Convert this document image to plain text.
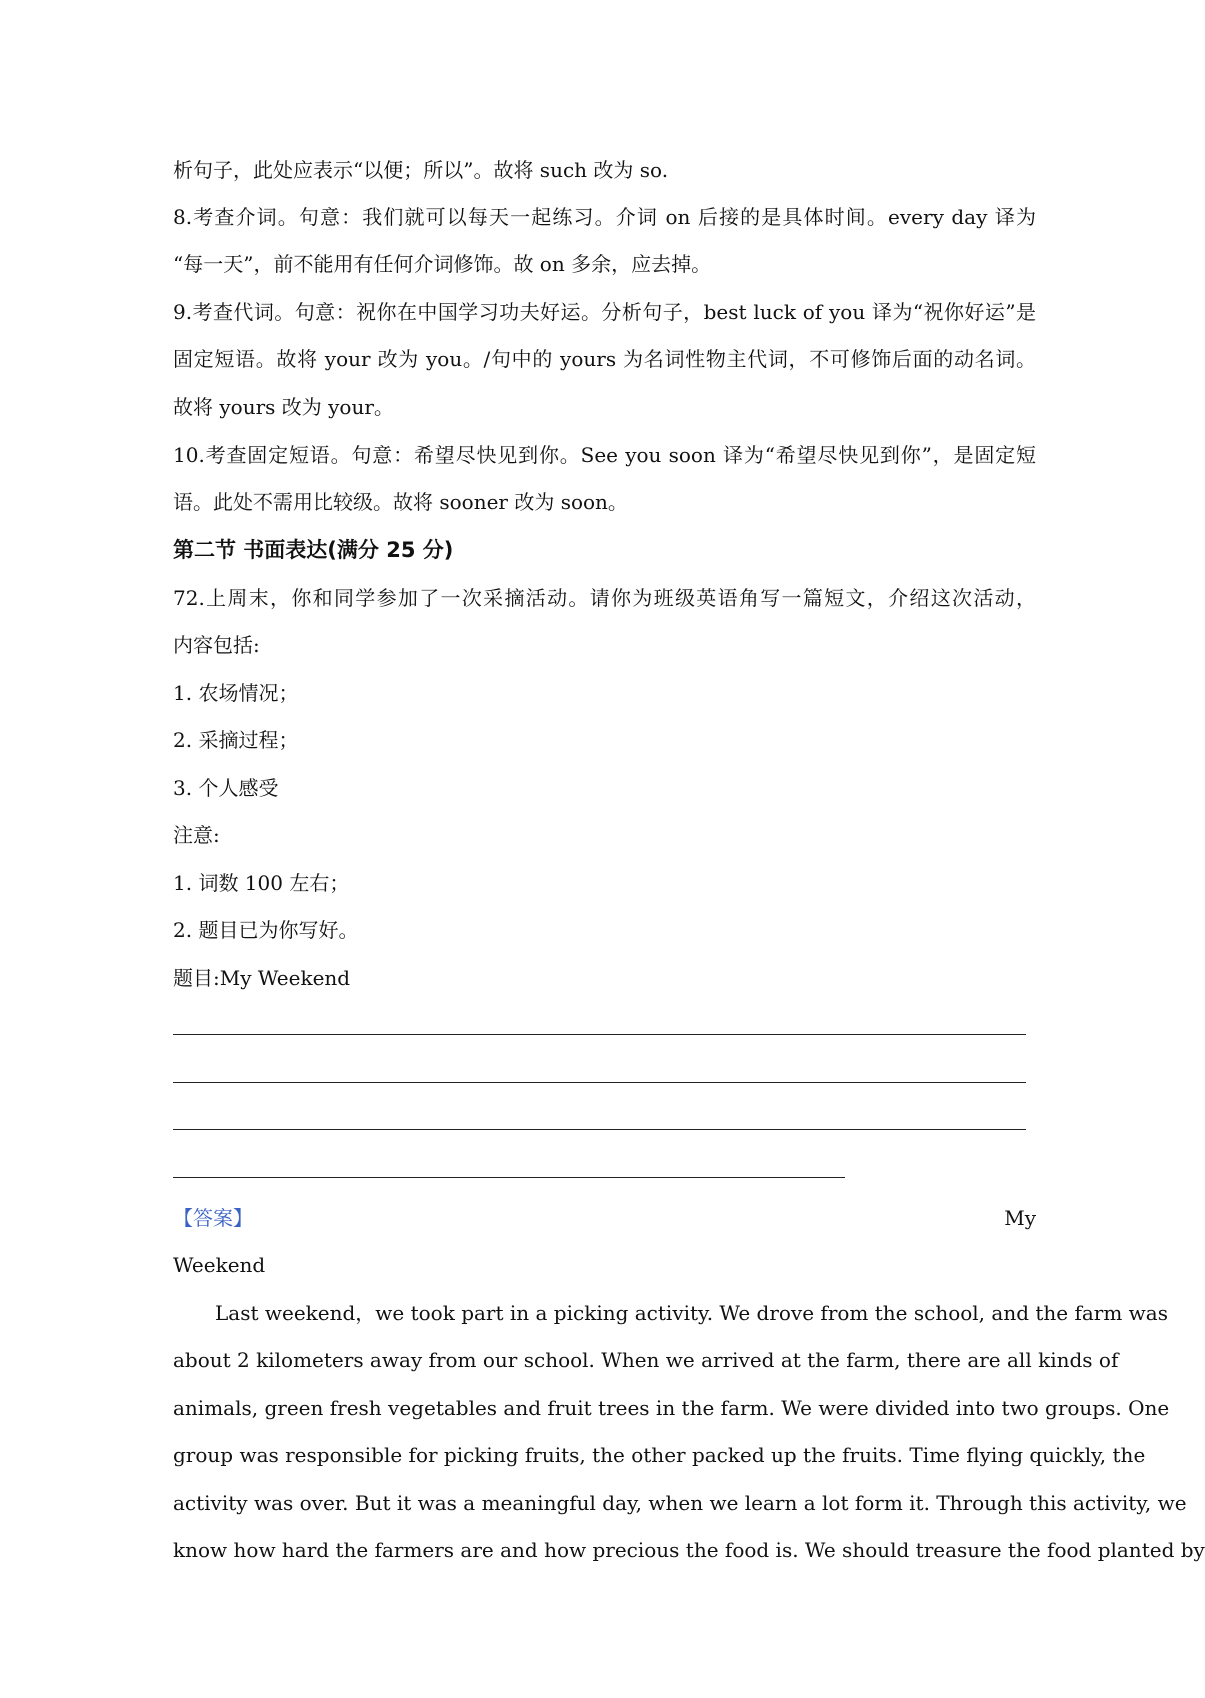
析句子，此处应表示“以便；所以”。故将 such 改为 so.
8.考查介词。句意：我们就可以每天一起练习。介词 on 后接的是具体时间。every day 译为
“每一天”，前不能用有任何介词修饰。故 on 多余，应去掉。
9.考查代词。句意：祝你在中国学习功夫好运。分析句子，best luck of you 译为“祝你好运”是
固定短语。故将 your 改为 you。/句中的 yours 为名词性物主代词，不可修饰后面的动名词。
故将 yours 改为 your。
10.考查固定短语。句意：希望尽快见到你。See you soon 译为“希望尽快见到你”，是固定短
语。此处不需用比较级。故将 sooner 改为 soon。
第二节 书面表达(满分 25 分)
72.上周末，你和同学参加了一次采摘活动。请你为班级英语角写一篇短文，介绍这次活动，
内容包括:
1. 农场情况；
2. 采摘过程；
3. 个人感受
注意:
1. 词数 100 左右；
2. 题目已为你写好。
题目:My Weekend
【答案】	My
Weekend
Last weekend，we took part in a picking activity. We drove from the school, and the farm was
about 2 kilometers away from our school. When we arrived at the farm, there are all kinds of
animals, green fresh vegetables and fruit trees in the farm. We were divided into two groups. One
group was responsible for picking fruits, the other packed up the fruits. Time flying quickly, the
activity was over. But it was a meaningful day, when we learn a lot form it. Through this activity, we
know how hard the farmers are and how precious the food is. We should treasure the food planted by
